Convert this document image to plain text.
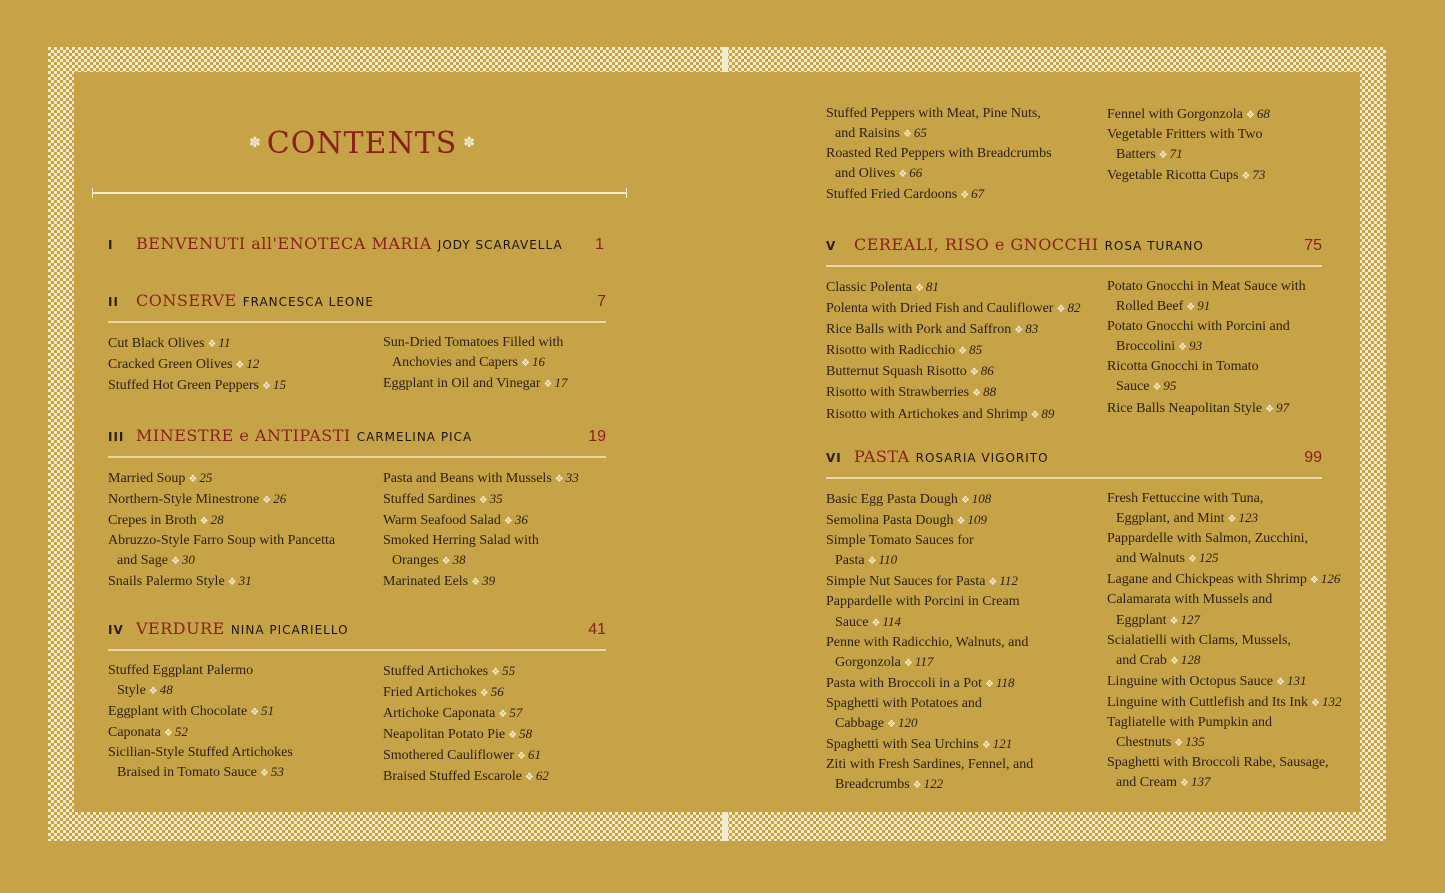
✽ CONTENTS ✽
I	BENVENUTI all'ENOTECA MARIA JODY SCARAVELLA 1
II	CONSERVE FRANCESCA LEONE	7
Cut Black Olives ❖ 11
Cracked Green Olives ❖ 12
Stuffed Hot Green Peppers ❖ 15
Sun-Dried Tomatoes Filled with
Anchovies and Capers ❖ 16
Eggplant in Oil and Vinegar ❖ 17
III MINESTRE e ANTIPASTI CARMELINA PICA	19
Married Soup ❖ 25
Northern-Style Minestrone ❖ 26
Crepes in Broth ❖ 28
Abruzzo-Style Farro Soup with Pancetta
and Sage ❖ 30
Snails Palermo Style ❖ 31
Pasta and Beans with Mussels ❖ 33
Stuffed Sardines ❖ 35
Warm Seafood Salad ❖ 36
Smoked Herring Salad with
Oranges ❖ 38
Marinated Eels ❖ 39
IV VERDURE NINA PICARIELLO	41
Stuffed Eggplant Palermo
Style ❖ 48
Eggplant with Chocolate ❖ 51
Caponata ❖ 52
Sicilian-Style Stuffed Artichokes
Braised in Tomato Sauce ❖ 53
Stuffed Artichokes ❖ 55
Fried Artichokes ❖ 56
Artichoke Caponata ❖ 57
Neapolitan Potato Pie ❖ 58
Smothered Cauliflower ❖ 61
Braised Stuffed Escarole ❖ 62
Stuffed Peppers with Meat, Pine Nuts,
and Raisins ❖ 65
Roasted Red Peppers with Breadcrumbs
and Olives ❖ 66
Stuffed Fried Cardoons ❖ 67
Fennel with Gorgonzola ❖ 68
Vegetable Fritters with Two
Batters ❖ 71
Vegetable Ricotta Cups ❖ 73
V	CEREALI, RISO e GNOCCHI ROSA TURANO	75
Classic Polenta ❖ 81
Polenta with Dried Fish and Cauliflower ❖ 82
Rice Balls with Pork and Saffron ❖ 83
Risotto with Radicchio ❖ 85
Butternut Squash Risotto ❖ 86
Risotto with Strawberries ❖ 88
Risotto with Artichokes and Shrimp ❖ 89
Potato Gnocchi in Meat Sauce with
Rolled Beef ❖ 91
Potato Gnocchi with Porcini and
Broccolini ❖ 93
Ricotta Gnocchi in Tomato
Sauce ❖ 95
Rice Balls Neapolitan Style ❖ 97
VI PASTA ROSARIA VIGORITO	99
Basic Egg Pasta Dough ❖ 108
Semolina Pasta Dough ❖ 109
Simple Tomato Sauces for
Pasta ❖ 110
Simple Nut Sauces for Pasta ❖ 112
Pappardelle with Porcini in Cream
Sauce ❖ 114
Penne with Radicchio, Walnuts, and
Gorgonzola ❖ 117
Pasta with Broccoli in a Pot ❖ 118
Spaghetti with Potatoes and
Cabbage ❖ 120
Spaghetti with Sea Urchins ❖ 121
Ziti with Fresh Sardines, Fennel, and
Breadcrumbs ❖ 122
Fresh Fettuccine with Tuna,
Eggplant, and Mint ❖ 123
Pappardelle with Salmon, Zucchini,
and Walnuts ❖ 125
Lagane and Chickpeas with Shrimp ❖ 126
Calamarata with Mussels and
Eggplant ❖ 127
Scialatielli with Clams, Mussels,
and Crab ❖ 128
Linguine with Octopus Sauce ❖ 131
Linguine with Cuttlefish and Its Ink ❖ 132
Tagliatelle with Pumpkin and
Chestnuts ❖ 135
Spaghetti with Broccoli Rabe, Sausage,
and Cream ❖ 137
